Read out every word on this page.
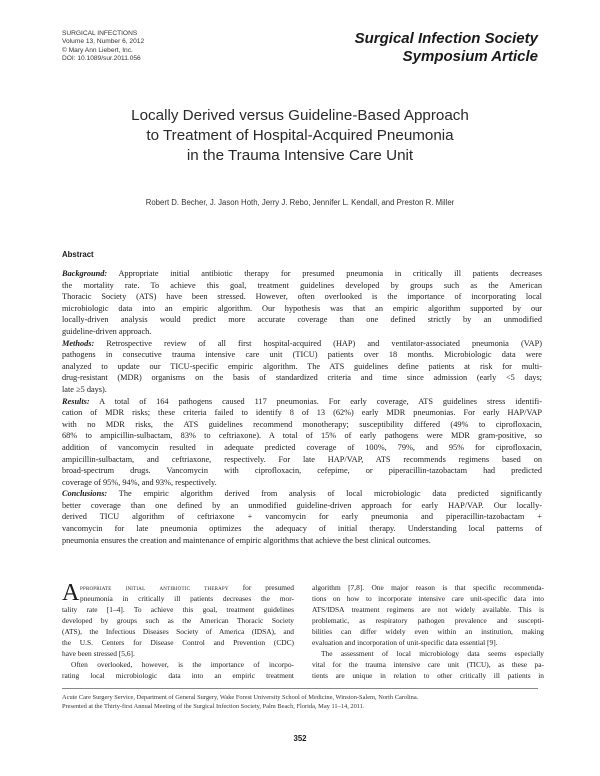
SURGICAL INFECTIONS
Volume 13, Number 6, 2012
© Mary Ann Liebert, Inc.
DOI: 10.1089/sur.2011.056
Surgical Infection Society
Symposium Article
Locally Derived versus Guideline-Based Approach
to Treatment of Hospital-Acquired Pneumonia
in the Trauma Intensive Care Unit
Robert D. Becher, J. Jason Hoth, Jerry J. Rebo, Jennifer L. Kendall, and Preston R. Miller
Abstract
Background: Appropriate initial antibiotic therapy for presumed pneumonia in critically ill patients decreases
the mortality rate. To achieve this goal, treatment guidelines developed by groups such as the American
Thoracic Society (ATS) have been stressed. However, often overlooked is the importance of incorporating local
microbiologic data into an empiric algorithm. Our hypothesis was that an empiric algorithm supported by our
locally-driven analysis would predict more accurate coverage than one defined strictly by an unmodified
guideline-driven approach.
Methods: Retrospective review of all first hospital-acquired (HAP) and ventilator-associated pneumonia (VAP)
pathogens in consecutive trauma intensive care unit (TICU) patients over 18 months. Microbiologic data were
analyzed to update our TICU-specific empiric algorithm. The ATS guidelines define patients at risk for multi-
drug-resistant (MDR) organisms on the basis of standardized criteria and time since admission (early <5 days;
late ≥5 days).
Results: A total of 164 pathogens caused 117 pneumonias. For early coverage, ATS guidelines stress identifi-
cation of MDR risks; these criteria failed to identify 8 of 13 (62%) early MDR pneumonias. For early HAP/VAP
with no MDR risks, the ATS guidelines recommend monotherapy; susceptibility differed (49% to ciprofloxacin,
68% to ampicillin-sulbactam, 83% to ceftriaxone). A total of 15% of early pathogens were MDR gram-positive, so
addition of vancomycin resulted in adequate predicted coverage of 100%, 79%, and 95% for ciprofloxacin,
ampicillin-sulbactam, and ceftriaxone, respectively. For late HAP/VAP, ATS recommends regimens based on
broad-spectrum drugs. Vancomycin with ciprofloxacin, cefepime, or piperacillin-tazobactam had predicted
coverage of 95%, 94%, and 93%, respectively.
Conclusions: The empiric algorithm derived from analysis of local microbiologic data predicted significantly
better coverage than one defined by an unmodified guideline-driven approach for early HAP/VAP. Our locally-
derived TICU algorithm of ceftriaxone + vancomycin for early pneumonia and piperacillin-tazobactam +
vancomycin for late pneumonia optimizes the adequacy of initial therapy. Understanding local patterns of
pneumonia ensures the creation and maintenance of empiric algorithms that achieve the best clinical outcomes.
A ppropriate initial antibiotic therapy for presumed
pneumonia in critically ill patients decreases the mor-
tality rate [1–4]. To achieve this goal, treatment guidelines
developed by groups such as the American Thoracic Society
(ATS), the Infectious Diseases Society of America (IDSA), and
the U.S. Centers for Disease Control and Prevention (CDC)
have been stressed [5,6].
Often overlooked, however, is the importance of incorpo-
rating local microbiologic data into an empiric treatment
algorithm [7,8]. One major reason is that specific recommenda-
tions on how to incorporate intensive care unit-specific data into
ATS/IDSA treatment regimens are not widely available. This is
problematic, as respiratory pathogen prevalence and suscepti-
bilities can differ widely even within an institution, making
evaluation and incorporation of unit-specific data essential [9].
The assessment of local microbiology data seems especially
vital for the trauma intensive care unit (TICU), as these pa-
tients are unique in relation to other critically ill patients in
Acute Care Surgery Service, Department of General Surgery, Wake Forest University School of Medicine, Winston-Salem, North Carolina.
Presented at the Thirty-first Annual Meeting of the Surgical Infection Society, Palm Beach, Florida, May 11–14, 2011.
352
